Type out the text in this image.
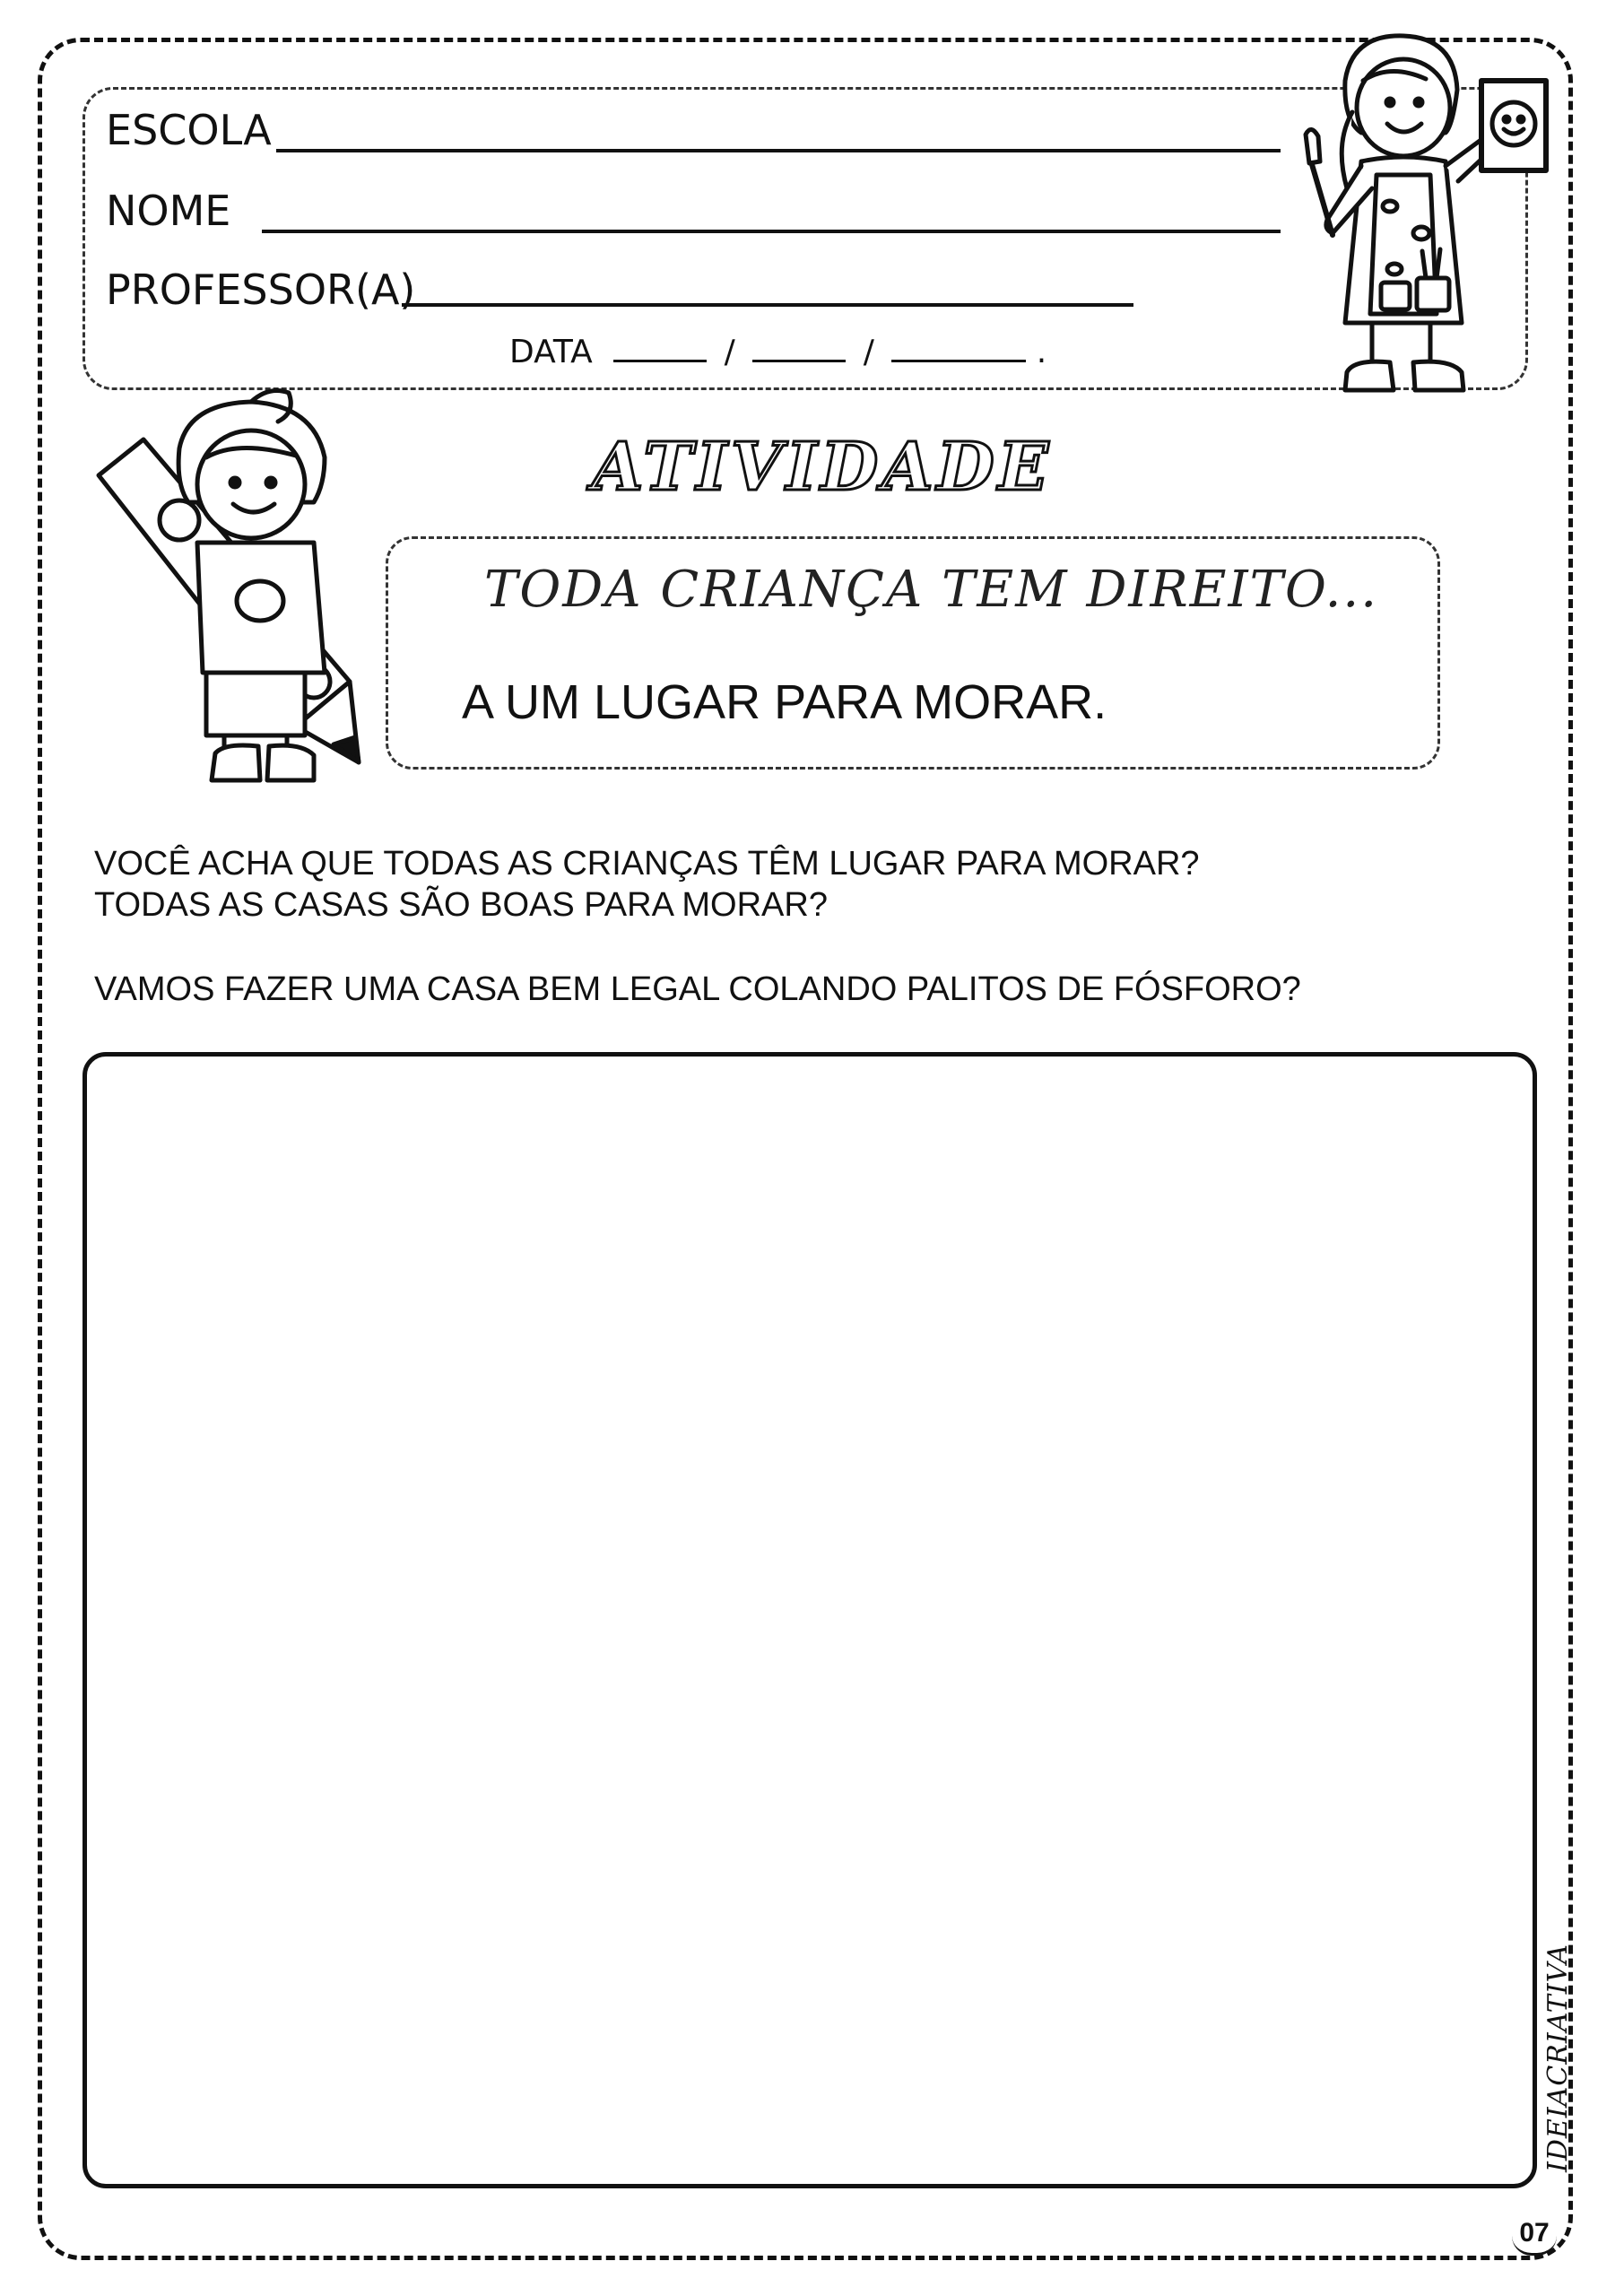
ESCOLA
NOME
PROFESSOR(A)
DATA	/	/	.
ATIVIDADE
TODA CRIANÇA TEM DIREITO...
A UM LUGAR PARA MORAR.
VOCÊ ACHA QUE TODAS AS CRIANÇAS TÊM LUGAR PARA MORAR?
TODAS AS CASAS SÃO BOAS PARA MORAR?
VAMOS FAZER UMA CASA BEM LEGAL COLANDO PALITOS DE FÓSFORO?
IDEIACRIATIVA
07
